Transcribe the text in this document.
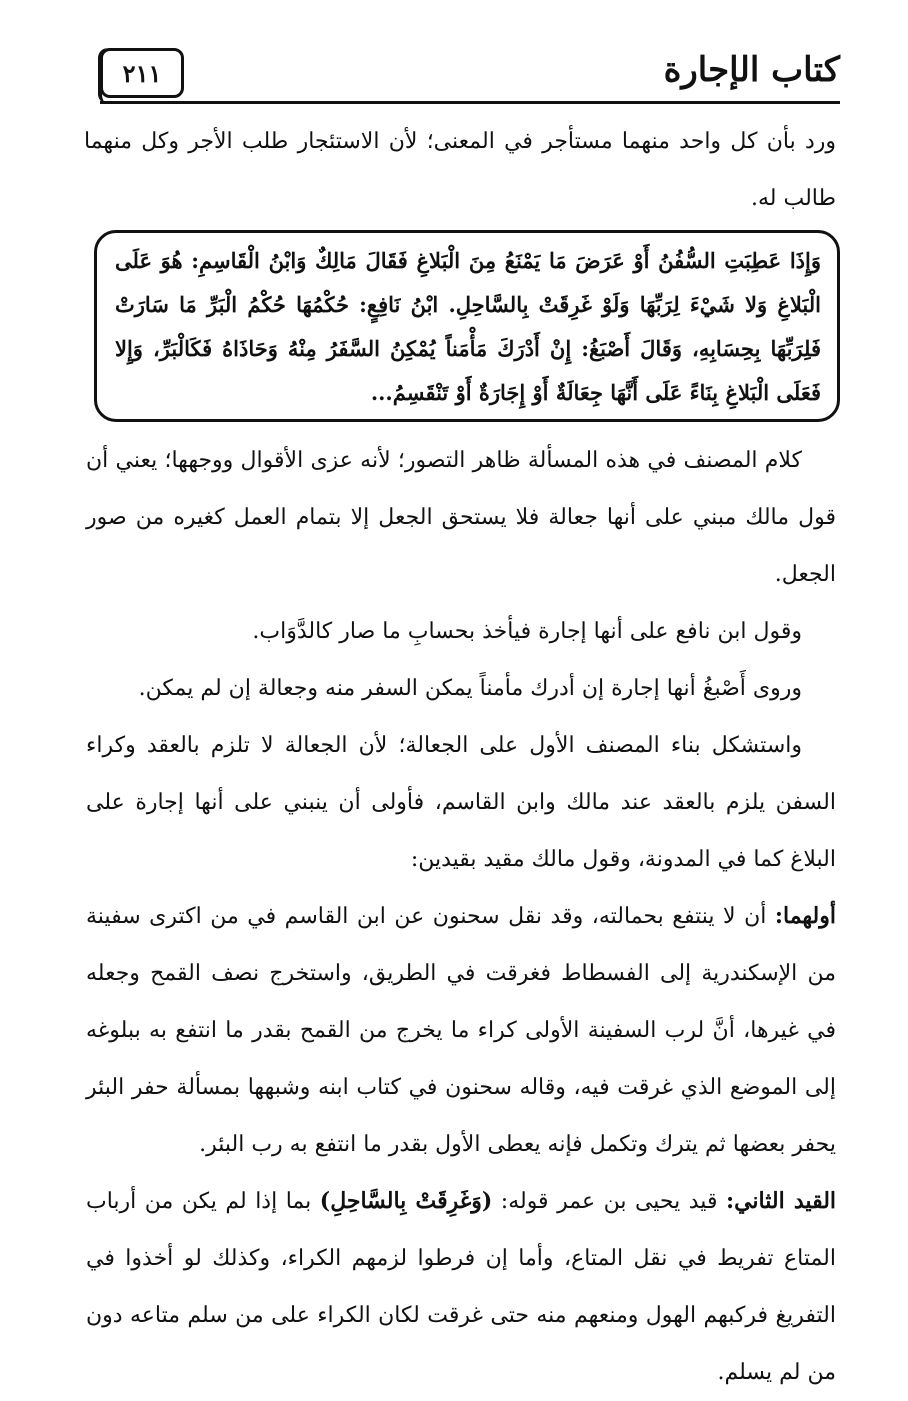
كتاب الإجارة
٢١١

ورد بأن كل واحد منهما مستأجر في المعنى؛ لأن الاستئجار طلب الأجر وكل منهما طالب له.

وَإِذَا عَطِبَتِ السُّفُنُ أَوْ عَرَضَ مَا يَمْنَعُ مِنَ الْبَلاغِ فَقَالَ مَالِكٌ وَابْنُ الْقَاسِمِ: هُوَ عَلَى الْبَلاغِ وَلا شَيْءَ لِرَبِّهَا وَلَوْ غَرِقَتْ بِالسَّاحِلِ. ابْنُ نَافِعٍ: حُكْمُهَا حُكْمُ الْبَرِّ مَا سَارَتْ فَلِرَبِّهَا بِحِسَابِهِ، وَقَالَ أَصْبَغُ: إِنْ أَدْرَكَ مَأْمَناً يُمْكِنُ السَّفَرُ مِنْهُ وَحَاذَاهُ فَكَالْبَرِّ، وَإِلا فَعَلَى الْبَلاغِ بِنَاءً عَلَى أَنَّهَا جِعَالَةٌ أَوْ إِجَارَةٌ أَوْ تَنْقَسِمُ...

كلام المصنف في هذه المسألة ظاهر التصور؛ لأنه عزى الأقوال ووجهها؛ يعني أن قول مالك مبني على أنها جعالة فلا يستحق الجعل إلا بتمام العمل كغيره من صور الجعل.

وقول ابن نافع على أنها إجارة فيأخذ بحسابِ ما صار كالدَّوَاب.

وروى أَصْبغُ أنها إجارة إن أدرك مأمناً يمكن السفر منه وجعالة إن لم يمكن.

واستشكل بناء المصنف الأول على الجعالة؛ لأن الجعالة لا تلزم بالعقد وكراء السفن يلزم بالعقد عند مالك وابن القاسم، فأولى أن ينبني على أنها إجارة على البلاغ كما في المدونة، وقول مالك مقيد بقيدين:

أولهما: أن لا ينتفع بحمالته، وقد نقل سحنون عن ابن القاسم في من اكترى سفينة من الإسكندرية إلى الفسطاط فغرقت في الطريق، واستخرج نصف القمح وجعله في غيرها، أنَّ لرب السفينة الأولى كراء ما يخرج من القمح بقدر ما انتفع به ببلوغه إلى الموضع الذي غرقت فيه، وقاله سحنون في كتاب ابنه وشبهها بمسألة حفر البئر يحفر بعضها ثم يترك وتكمل فإنه يعطى الأول بقدر ما انتفع به رب البئر.

القيد الثاني: قيد يحيى بن عمر قوله: (وَغَرِقَتْ بِالسَّاحِلِ) بما إذا لم يكن من أرباب المتاع تفريط في نقل المتاع، وأما إن فرطوا لزمهم الكراء، وكذلك لو أخذوا في التفريغ فركبهم الهول ومنعهم منه حتى غرقت لكان الكراء على من سلم متاعه دون من لم يسلم.
